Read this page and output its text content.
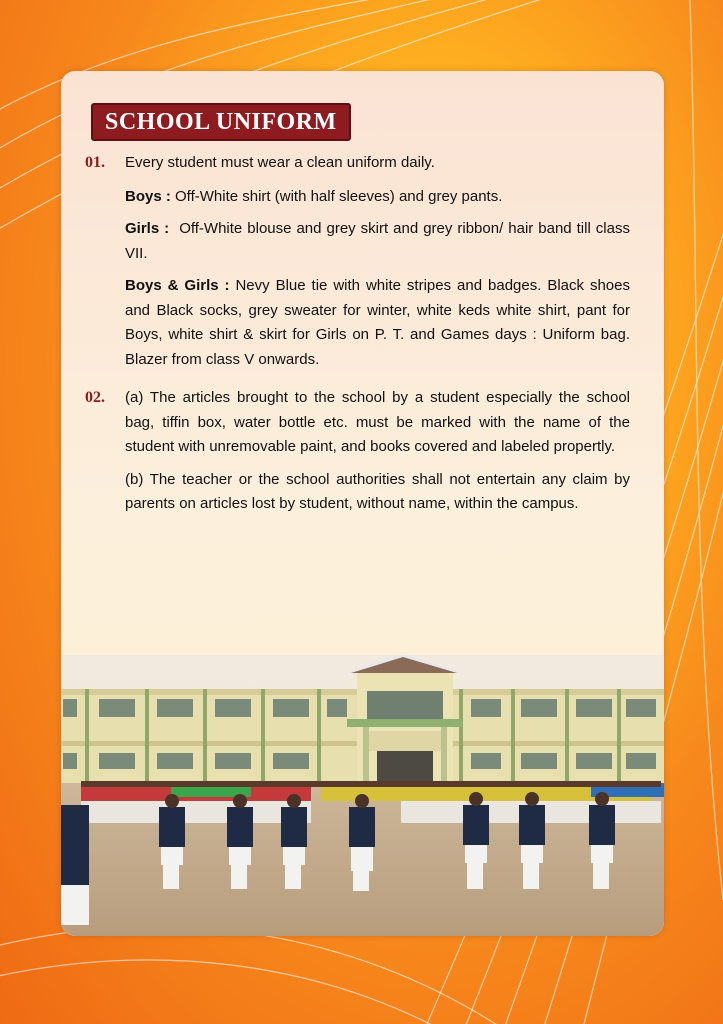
SCHOOL UNIFORM
01.	Every student must wear a clean uniform daily.

Boys : Off-White shirt (with half sleeves) and grey pants.

Girls :  Off-White blouse and grey skirt and grey ribbon/ hair band till class VII.

Boys & Girls : Nevy Blue tie with white stripes and badges. Black shoes and Black socks, grey sweater for winter, white keds white shirt, pant for Boys, white shirt & skirt for Girls on P. T. and Games days : Uniform bag. Blazer from class V onwards.

02.	(a) The articles brought to the school by a student especially the school bag, tiffin box, water bottle etc. must be marked with the name of the student with unremovable paint, and books covered and labeled propertly.

(b) The teacher or the school authorities shall not entertain any claim by parents on articles lost by student, without name, within the campus.
